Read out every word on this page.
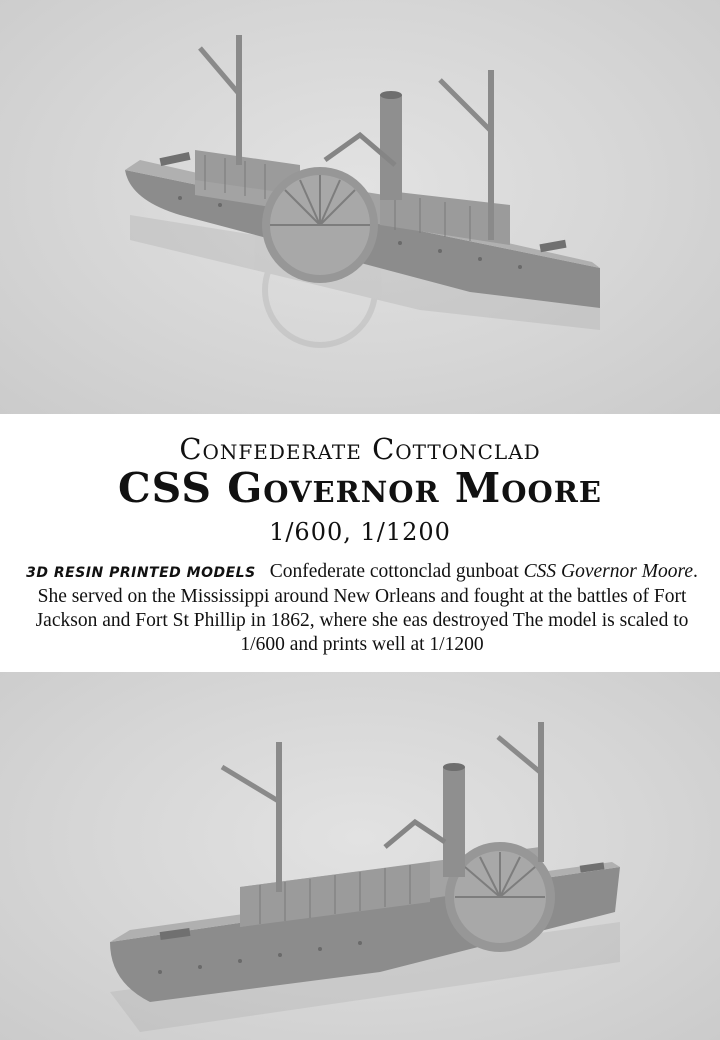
Confederate Cottonclad
CSS Governor Moore
1/600, 1/1200
3D RESIN PRINTED MODELS Confederate cottonclad gunboat CSS Governor Moore. She served on the Mississippi around New Orleans and fought at the battles of Fort Jackson and Fort St Phillip in 1862, where she eas destroyed The model is scaled to 1/600 and prints well at 1/1200
